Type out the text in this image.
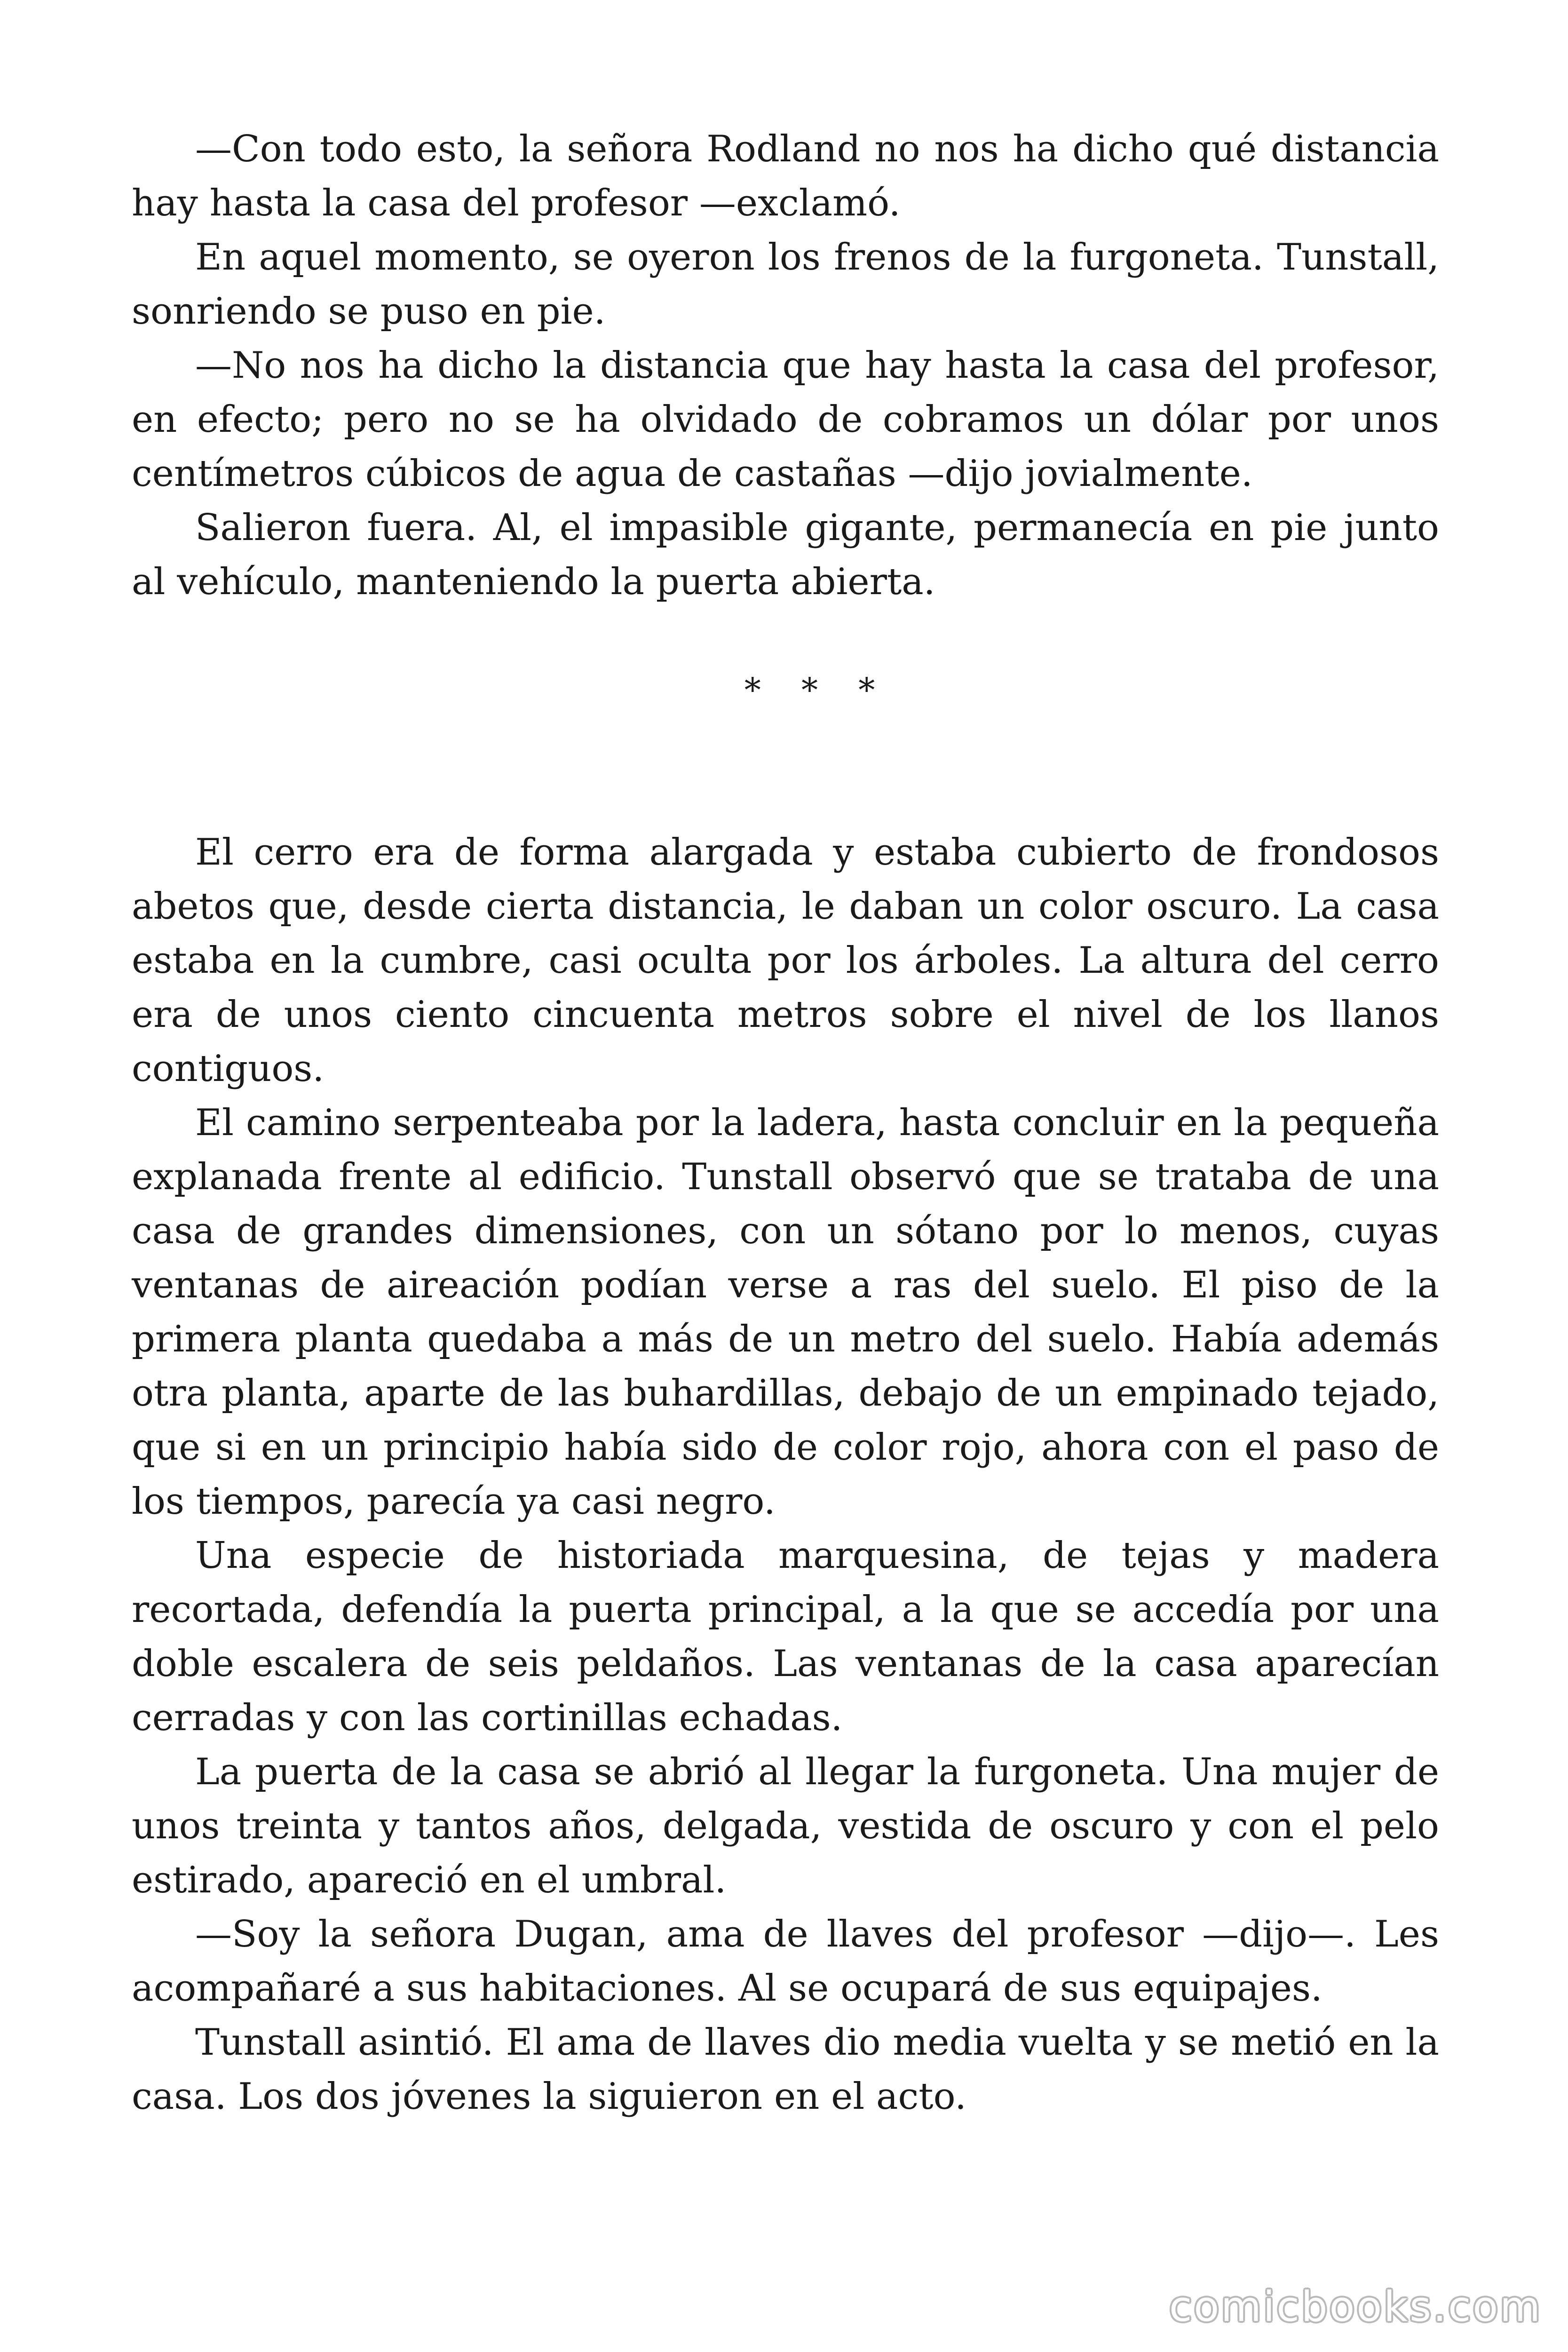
—Con todo esto, la señora Rodland no nos ha dicho qué distancia hay hasta la casa del profesor —exclamó.

En aquel momento, se oyeron los frenos de la furgoneta. Tunstall, sonriendo se puso en pie.

—No nos ha dicho la distancia que hay hasta la casa del profesor, en efecto; pero no se ha olvidado de cobramos un dólar por unos centímetros cúbicos de agua de castañas —dijo jovialmente.

Salieron fuera. Al, el impasible gigante, permanecía en pie junto al vehículo, manteniendo la puerta abierta.

* * *

El cerro era de forma alargada y estaba cubierto de frondosos abetos que, desde cierta distancia, le daban un color oscuro. La casa estaba en la cumbre, casi oculta por los árboles. La altura del cerro era de unos ciento cincuenta metros sobre el nivel de los llanos contiguos.

El camino serpenteaba por la ladera, hasta concluir en la pequeña explanada frente al edificio. Tunstall observó que se trataba de una casa de grandes dimensiones, con un sótano por lo menos, cuyas ventanas de aireación podían verse a ras del suelo. El piso de la primera planta quedaba a más de un metro del suelo. Había además otra planta, aparte de las buhardillas, debajo de un empinado tejado, que si en un principio había sido de color rojo, ahora con el paso de los tiempos, parecía ya casi negro.

Una especie de historiada marquesina, de tejas y madera recortada, defendía la puerta principal, a la que se accedía por una doble escalera de seis peldaños. Las ventanas de la casa aparecían cerradas y con las cortinillas echadas.

La puerta de la casa se abrió al llegar la furgoneta. Una mujer de unos treinta y tantos años, delgada, vestida de oscuro y con el pelo estirado, apareció en el umbral.

—Soy la señora Dugan, ama de llaves del profesor —dijo—. Les acompañaré a sus habitaciones. Al se ocupará de sus equipajes.

Tunstall asintió. El ama de llaves dio media vuelta y se metió en la casa. Los dos jóvenes la siguieron en el acto.

comicbooks.com
